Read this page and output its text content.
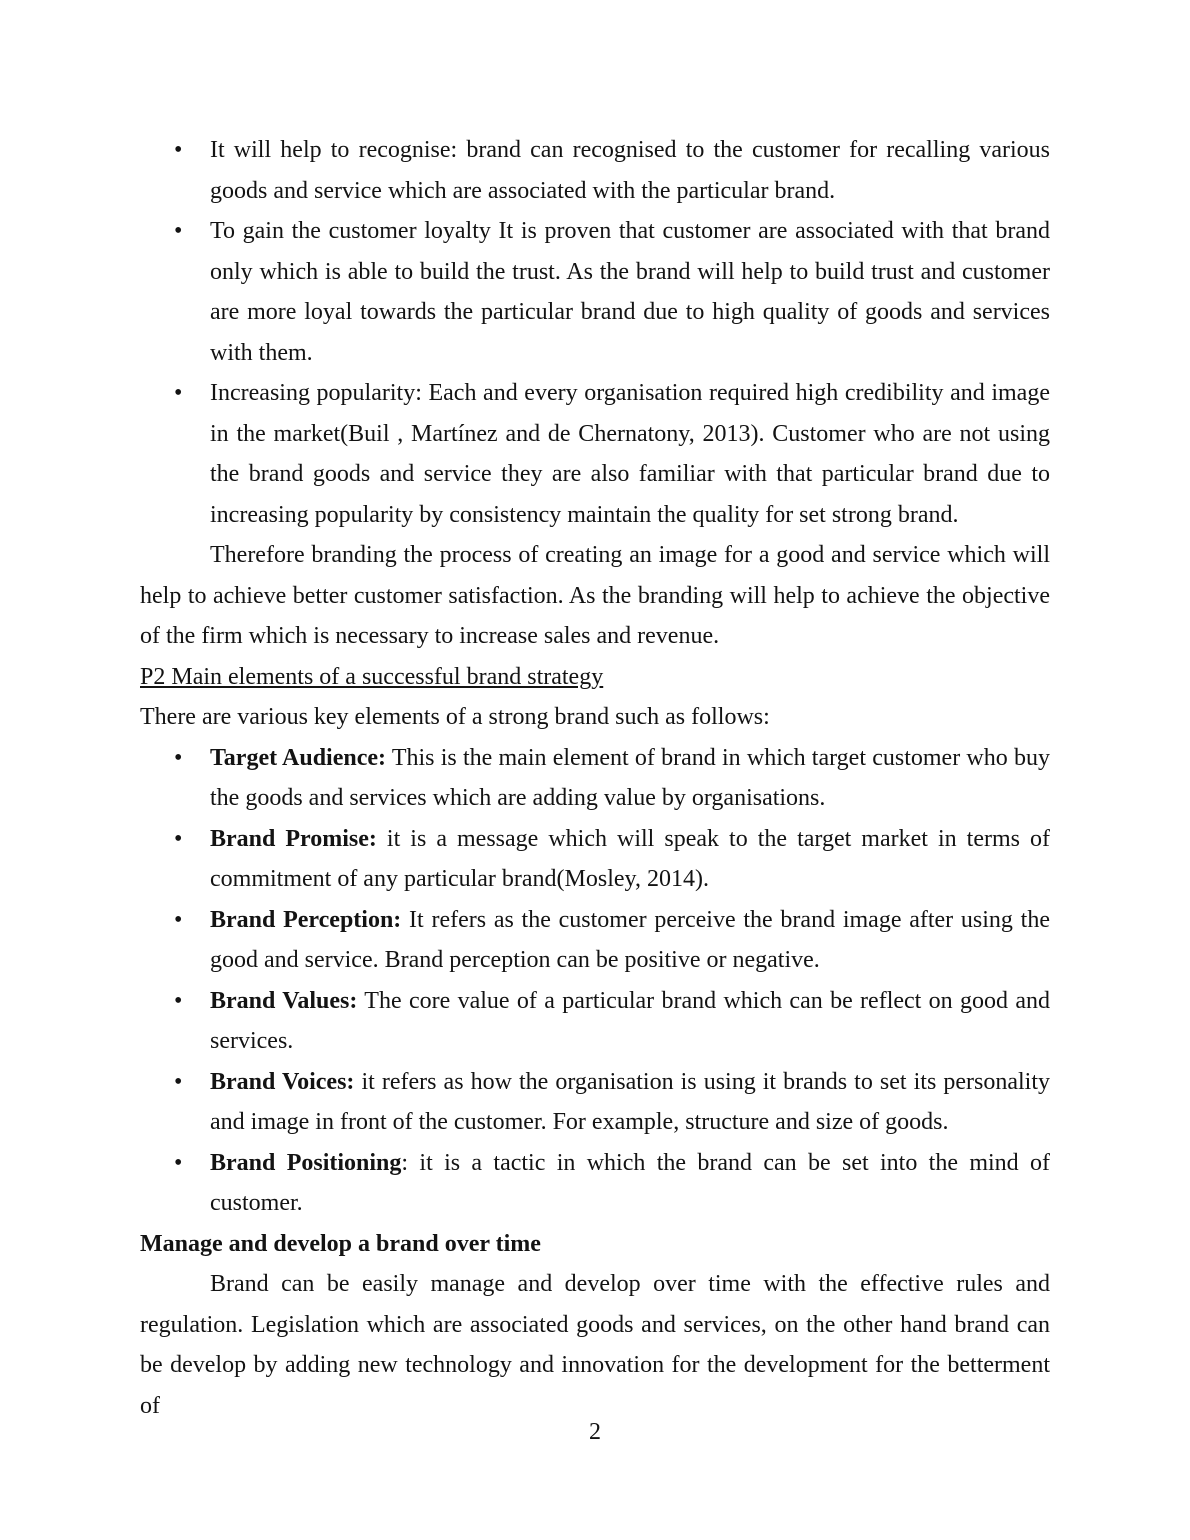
• It will help to recognise: brand can recognised to the customer for recalling various goods and service which are associated with the particular brand.
• To gain the customer loyalty It is proven that customer are associated with that brand only which is able to build the trust. As the brand will help to build trust and customer are more loyal towards the particular brand due to high quality of goods and services with them.
• Increasing popularity: Each and every organisation required high credibility and image in the market(Buil , Martínez and de Chernatony, 2013). Customer who are not using the brand goods and service they are also familiar with that particular brand due to increasing popularity by consistency maintain the quality for set strong brand.

Therefore branding the process of creating an image for a good and service which will help to achieve better customer satisfaction. As the branding will help to achieve the objective of the firm which is necessary to increase sales and revenue.

P2 Main elements of a successful brand strategy

There are various key elements of a strong brand such as follows:

• Target Audience: This is the main element of brand in which target customer who buy the goods and services which are adding value by organisations.
• Brand Promise: it is a message which will speak to the target market in terms of commitment of any particular brand(Mosley, 2014).
• Brand Perception: It refers as the customer perceive the brand image after using the good and service. Brand perception can be positive or negative.
• Brand Values: The core value of a particular brand which can be reflect on good and services.
• Brand Voices: it refers as how the organisation is using it brands to set its personality and image in front of the customer. For example, structure and size of goods.
• Brand Positioning: it is a tactic in which the brand can be set into the mind of customer.

Manage and develop a brand over time

Brand can be easily manage and develop over time with the effective rules and regulation. Legislation which are associated goods and services, on the other hand brand can be develop by adding new technology and innovation for the development for the betterment of

2
